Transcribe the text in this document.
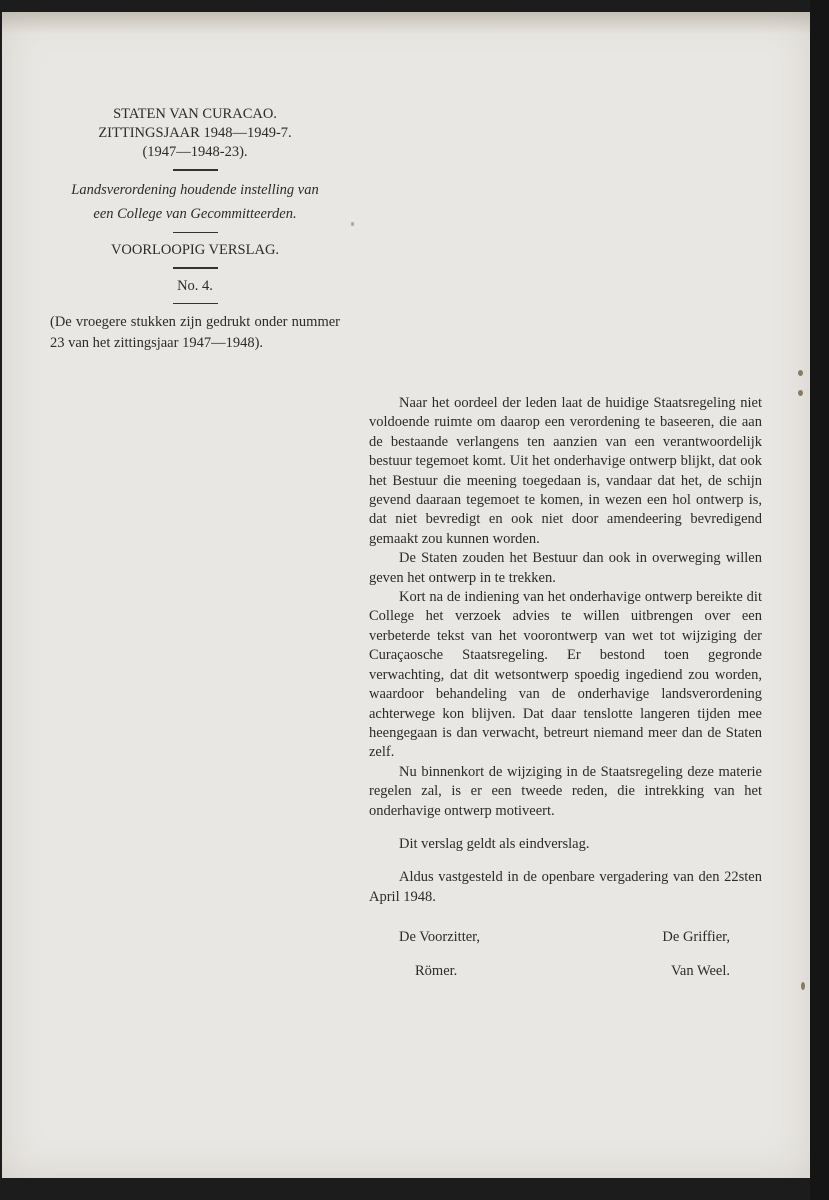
STATEN VAN CURACAO.
ZITTINGSJAAR 1948—1949-7.
(1947—1948-23).
Landsverordening houdende instelling van
een College van Gecommitteerden.
VOORLOOPIG VERSLAG.
No. 4.
(De vroegere stukken zijn gedrukt onder nummer 23 van het zittingsjaar 1947—1948).

Naar het oordeel der leden laat de huidige Staatsregeling niet voldoende ruimte om daarop een verordening te baseeren, die aan de bestaande verlangens ten aanzien van een verantwoordelijk bestuur tegemoet komt. Uit het onderhavige ontwerp blijkt, dat ook het Bestuur die meening toegedaan is, vandaar dat het, de schijn gevend daaraan tegemoet te komen, in wezen een hol ontwerp is, dat niet bevredigt en ook niet door amendeering bevredigend gemaakt zou kunnen worden.

De Staten zouden het Bestuur dan ook in overweging willen geven het ontwerp in te trekken.

Kort na de indiening van het onderhavige ontwerp bereikte dit College het verzoek advies te willen uitbrengen over een verbeterde tekst van het voorontwerp van wet tot wijziging der Curaçaosche Staatsregeling. Er bestond toen gegronde verwachting, dat dit wetsontwerp spoedig ingediend zou worden, waardoor behandeling van de onderhavige landsverordening achterwege kon blijven. Dat daar tenslotte langeren tijden mee heengegaan is dan verwacht, betreurt niemand meer dan de Staten zelf.

Nu binnenkort de wijziging in de Staatsregeling deze materie regelen zal, is er een tweede reden, die intrekking van het onderhavige ontwerp motiveert.

Dit verslag geldt als eindverslag.

Aldus vastgesteld in de openbare vergadering van den 22sten April 1948.

De Voorzitter,	De Griffier,
Römer.	Van Weel.
